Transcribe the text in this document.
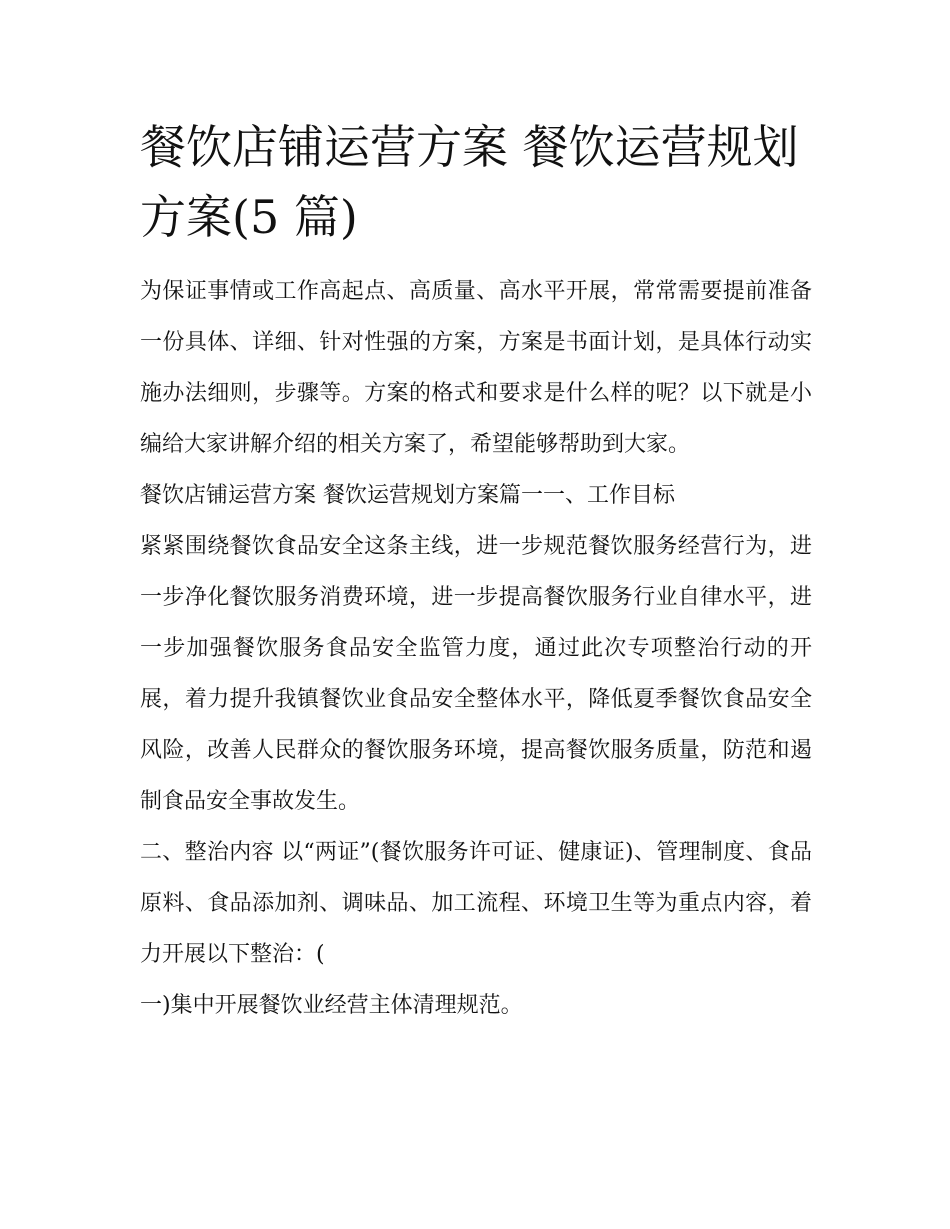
餐饮店铺运营方案 餐饮运营规划方案(5 篇)

为保证事情或工作高起点、高质量、高水平开展，常常需要提前准备一份具体、详细、针对性强的方案，方案是书面计划，是具体行动实施办法细则，步骤等。方案的格式和要求是什么样的呢？以下就是小编给大家讲解介绍的相关方案了，希望能够帮助到大家。

餐饮店铺运营方案 餐饮运营规划方案篇一一、工作目标

紧紧围绕餐饮食品安全这条主线，进一步规范餐饮服务经营行为，进一步净化餐饮服务消费环境，进一步提高餐饮服务行业自律水平，进一步加强餐饮服务食品安全监管力度，通过此次专项整治行动的开展，着力提升我镇餐饮业食品安全整体水平，降低夏季餐饮食品安全风险，改善人民群众的餐饮服务环境，提高餐饮服务质量，防范和遏制食品安全事故发生。

二、整治内容 以“两证”(餐饮服务许可证、健康证)、管理制度、食品原料、食品添加剂、调味品、加工流程、环境卫生等为重点内容，着力开展以下整治：(

一)集中开展餐饮业经营主体清理规范。
